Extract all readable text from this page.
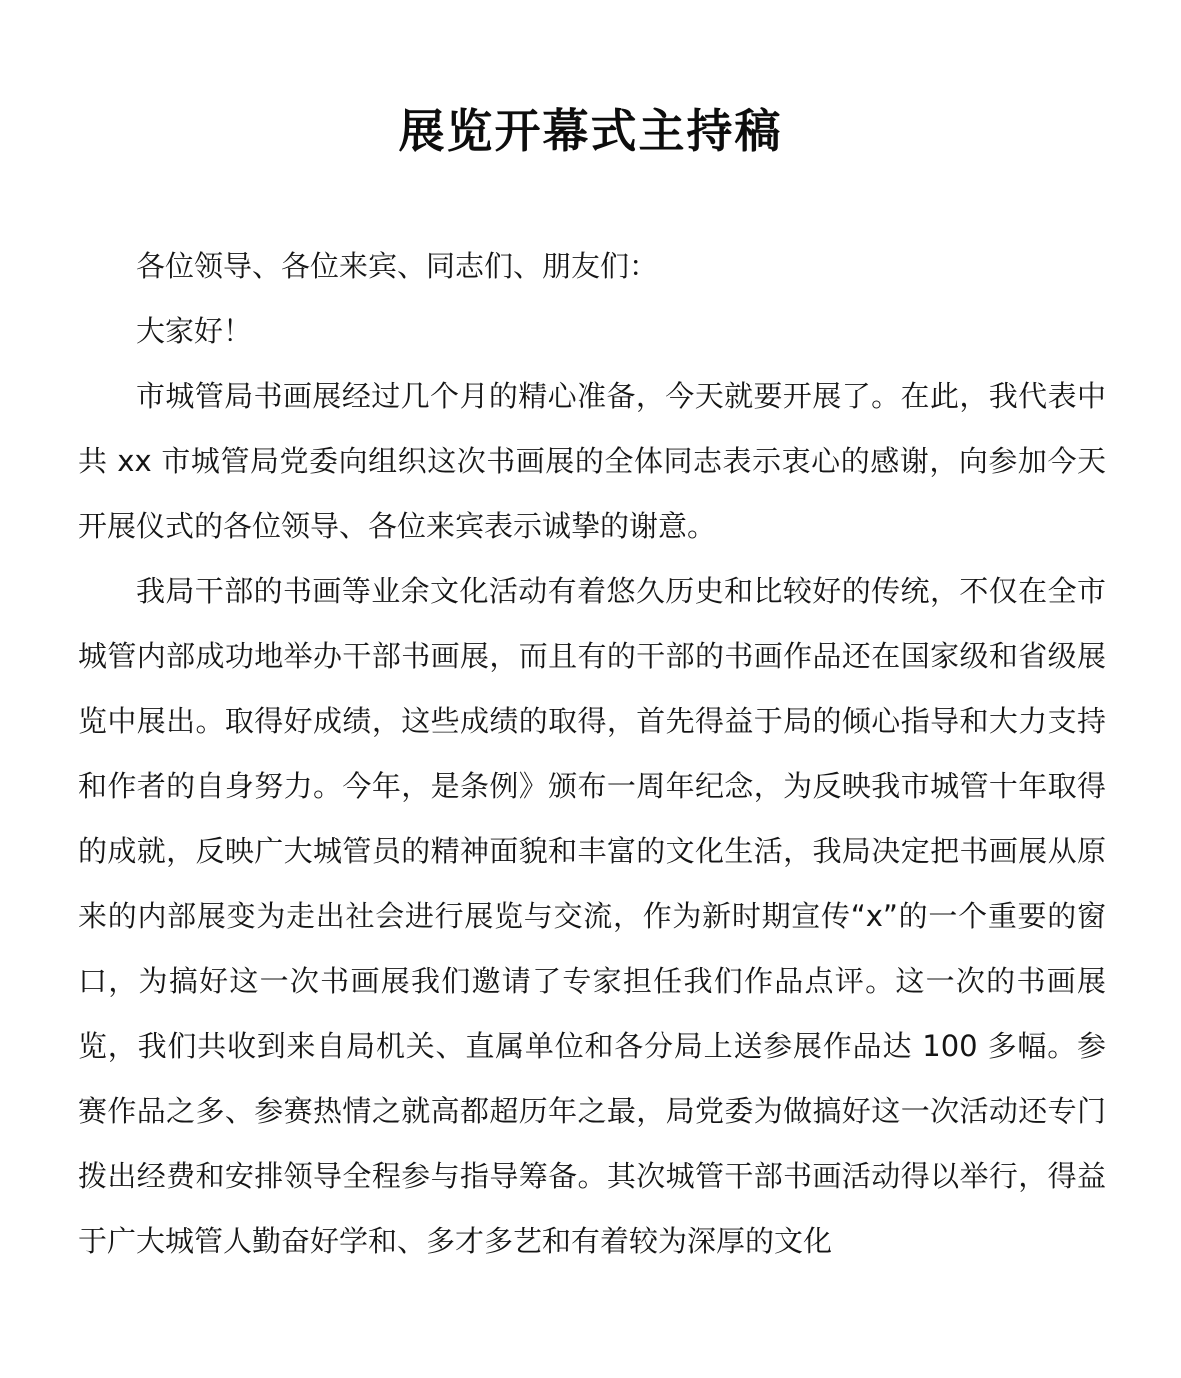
展览开幕式主持稿

各位领导、各位来宾、同志们、朋友们：

大家好！

市城管局书画展经过几个月的精心准备，今天就要开展了。在此，我代表中共 xx 市城管局党委向组织这次书画展的全体同志表示衷心的感谢，向参加今天开展仪式的各位领导、各位来宾表示诚挚的谢意。

我局干部的书画等业余文化活动有着悠久历史和比较好的传统，不仅在全市城管内部成功地举办干部书画展，而且有的干部的书画作品还在国家级和省级展览中展出。取得好成绩，这些成绩的取得，首先得益于局的倾心指导和大力支持和作者的自身努力。今年，是条例》颁布一周年纪念，为反映我市城管十年取得的成就，反映广大城管员的精神面貌和丰富的文化生活，我局决定把书画展从原来的内部展变为走出社会进行展览与交流，作为新时期宣传“x”的一个重要的窗口，为搞好这一次书画展我们邀请了专家担任我们作品点评。这一次的书画展览，我们共收到来自局机关、直属单位和各分局上送参展作品达 100 多幅。参赛作品之多、参赛热情之就高都超历年之最，局党委为做搞好这一次活动还专门拨出经费和安排领导全程参与指导筹备。其次城管干部书画活动得以举行，得益于广大城管人勤奋好学和、多才多艺和有着较为深厚的文化
